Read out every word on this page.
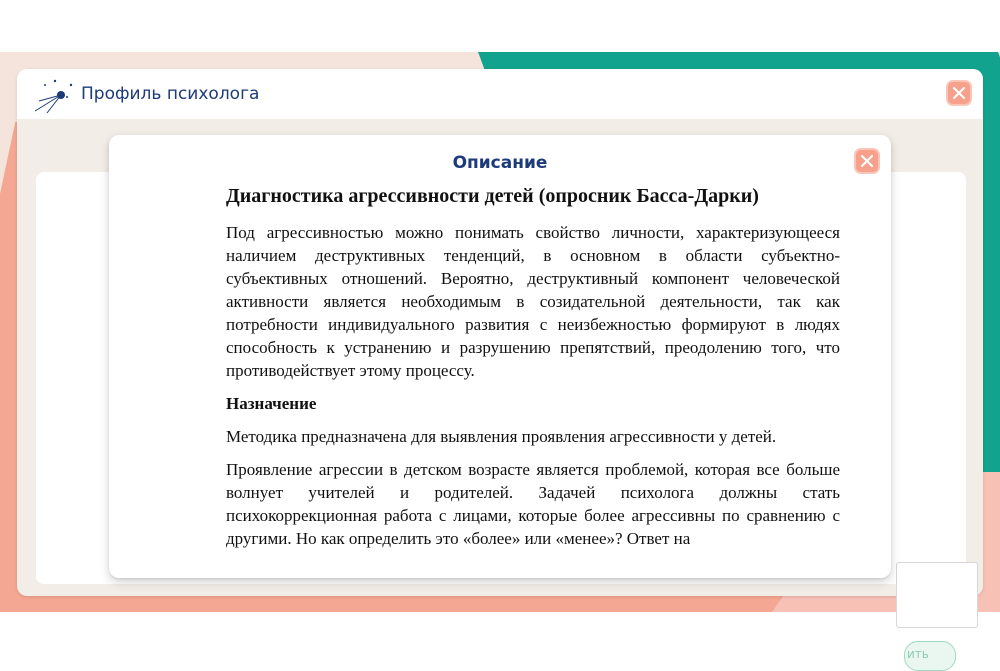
Профиль психолога
ить
Описание

Диагностика агрессивности детей (опросник Басса-Дарки)

Под агрессивностью можно понимать свойство личности, характеризующееся наличием деструктивных тенденций, в основном в области субъектно-субъективных отношений. Вероятно, деструктивный компонент человеческой активности является необходимым в созидательной деятельности, так как потребности индивидуального развития с неизбежностью формируют в людях способность к устранению и разрушению препятствий, преодолению того, что противодействует этому процессу.

Назначение

Методика предназначена для выявления проявления агрессивности у детей.

Проявление агрессии в детском возрасте является проблемой, которая все больше волнует учителей и родителей. Задачей психолога должны стать психокоррекционная работа с лицами, которые более агрессивны по сравнению с другими. Но как определить это «более» или «менее»? Ответ на
